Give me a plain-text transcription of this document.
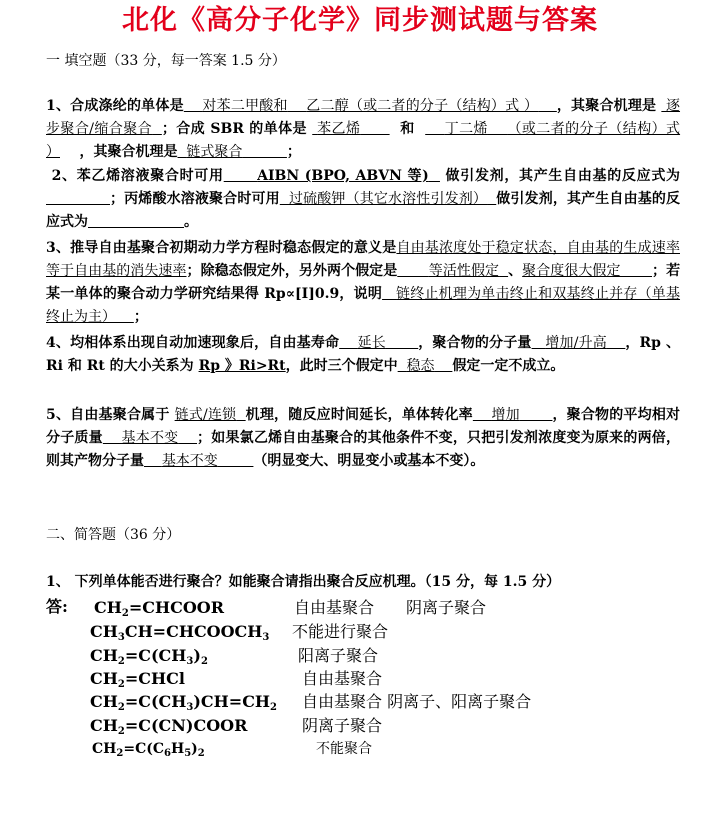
北化《高分子化学》同步测试题与答案
一 填空题（33 分，每一答案 1.5 分）
1、合成涤纶的单体是 对苯二甲酸和 乙二醇（或二者的分子（结构）式 ） ，其聚合机理是 逐步聚合/缩合聚合 ；合成 SBR 的单体是 苯乙烯	和 丁二烯 （或二者的分子（结构）式 ） ，其聚合机理是 链式聚合	；
2、苯乙烯溶液聚合时可用 AIBN (BPO, ABVN 等) 做引发剂，其产生自由基的反应式为；丙烯酸水溶液聚合时可用 过硫酸钾（其它水溶性引发剂） 做引发剂，其产生自由基的反应式为	。
3、推导自由基聚合初期动力学方程时稳态假定的意义是自由基浓度处于稳定状态，自由基的生成速率等于自由基的消失速率；除稳态假定外，另外两个假定是 等活性假定 、聚合度很大假定 ；若某一单体的聚合动力学研究结果得 Rp∝[I]0.9，说明 链终止机理为单击终止和双基终止并存（单基终止为主） ；
4、均相体系出现自动加速现象后，自由基寿命 延长 ，聚合物的分子量 增加/升高 ，Rp 、Ri 和 Rt 的大小关系为 Rp 》Ri>Rt，此时三个假定中 稳态 假定一定不成立。
5、自由基聚合属于 链式/连锁 机理，随反应时间延长，单体转化率 增加 ，聚合物的平均相对分子质量 基本不变 ；如果氯乙烯自由基聚合的其他条件不变，只把引发剂浓度变为原来的两倍，则其产物分子量 基本不变	（明显变大、明显变小或基本不变）。
二、简答题（36 分）
1、 下列单体能否进行聚合？如能聚合请指出聚合反应机理。（15 分，每 1.5 分）
答: $CH_2=CHCOOR$	自由基聚合　　阴离子聚合
$CH_3CH=CHCOOCH_3$ 不能进行聚合
$CH_2=C(CH_3)_2$	阳离子聚合
$CH_2=CHCl$	自由基聚合
$CH_2=C(CH_3)CH=CH_2$ 自由基聚合 阴离子、阳离子聚合
$CH_2=C(CN)COOR$	阴离子聚合
$CH_2=C(C_6H_5)_2$	不能聚合
